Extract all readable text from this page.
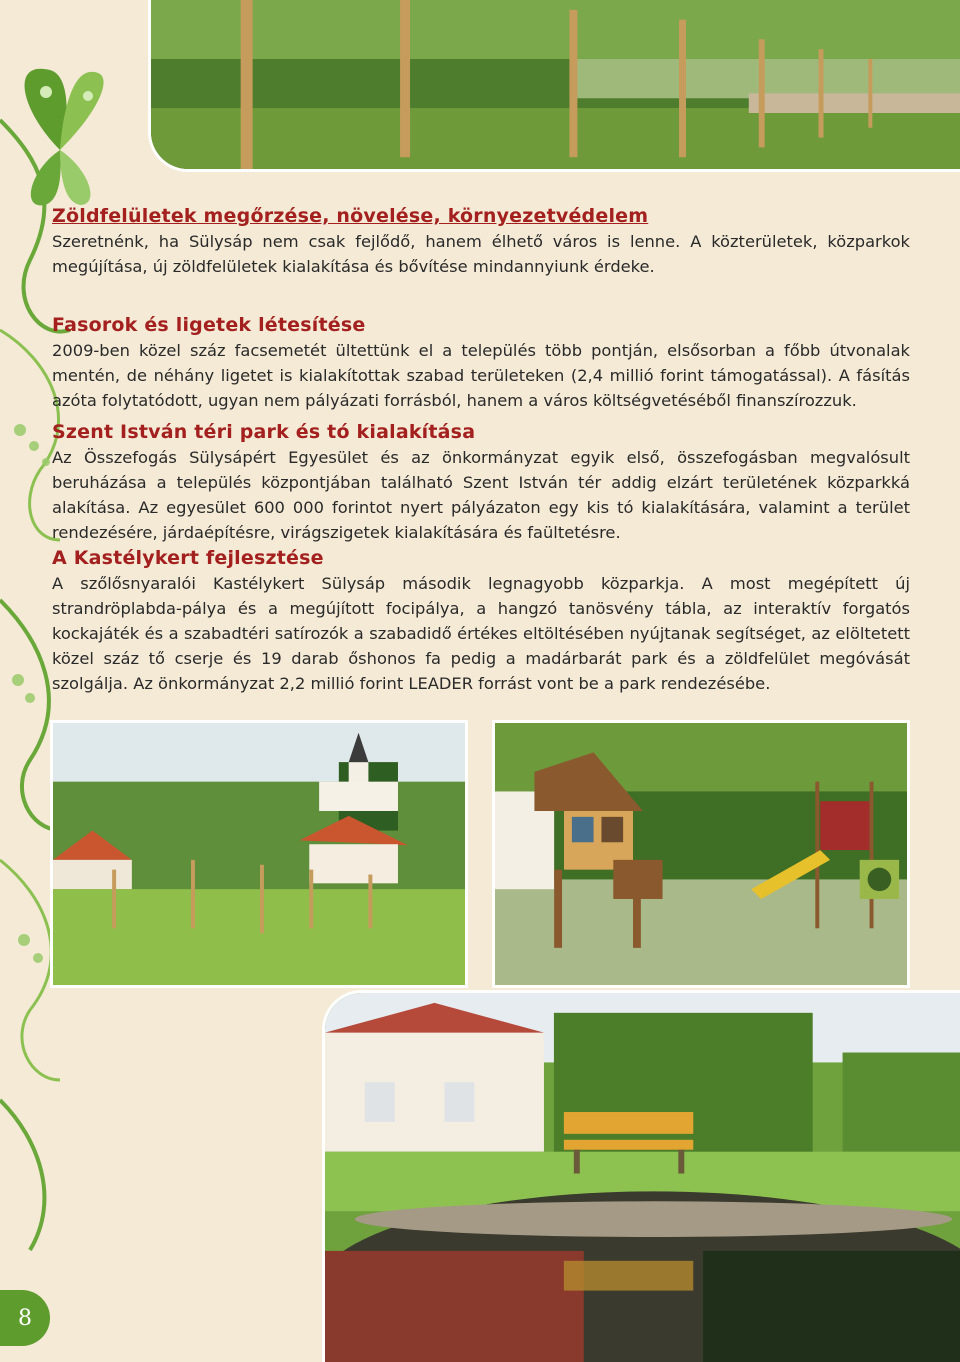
Zöldfelületek megőrzése, növelése, környezetvédelem

Szeretnénk, ha Sülysáp nem csak fejlődő, hanem élhető város is lenne. A közterületek, közparkok megújítása, új zöldfelületek kialakítása és bővítése mindannyiunk érdeke.

Fasorok és ligetek létesítése

2009-ben közel száz facsemetét ültettünk el a település több pontján, elsősorban a főbb útvonalak mentén, de néhány ligetet is kialakítottak szabad területeken (2,4 millió forint támogatással). A fásítás azóta folytatódott, ugyan nem pályázati forrásból, hanem a város költségvetéséből finanszírozzuk.

Szent István téri park és tó kialakítása

Az Összefogás Sülysápért Egyesület és az önkormányzat egyik első, összefogásban megvalósult beruházása a település központjában található Szent István tér addig elzárt területének közparkká alakítása. Az egyesület 600 000 forintot nyert pályázaton egy kis tó kialakítására, valamint a terület rendezésére, járdaépítésre, virágszigetek kialakítására és faültetésre.

A Kastélykert fejlesztése

A szőlősnyaralói Kastélykert Sülysáp második legnagyobb közparkja. A most megépített új strandröplabda-pálya és a megújított focipálya, a hangzó tanösvény tábla, az interaktív forgatós kockajáték és a szabadtéri satírozók a szabadidő értékes eltöltésében nyújtanak segítséget, az elöltetett közel száz tő cserje és 19 darab őshonos fa pedig a madárbarát park és a zöldfelület megóvását szolgálja. Az önkormányzat 2,2 millió forint LEADER forrást vont be a park rendezésébe.

8
